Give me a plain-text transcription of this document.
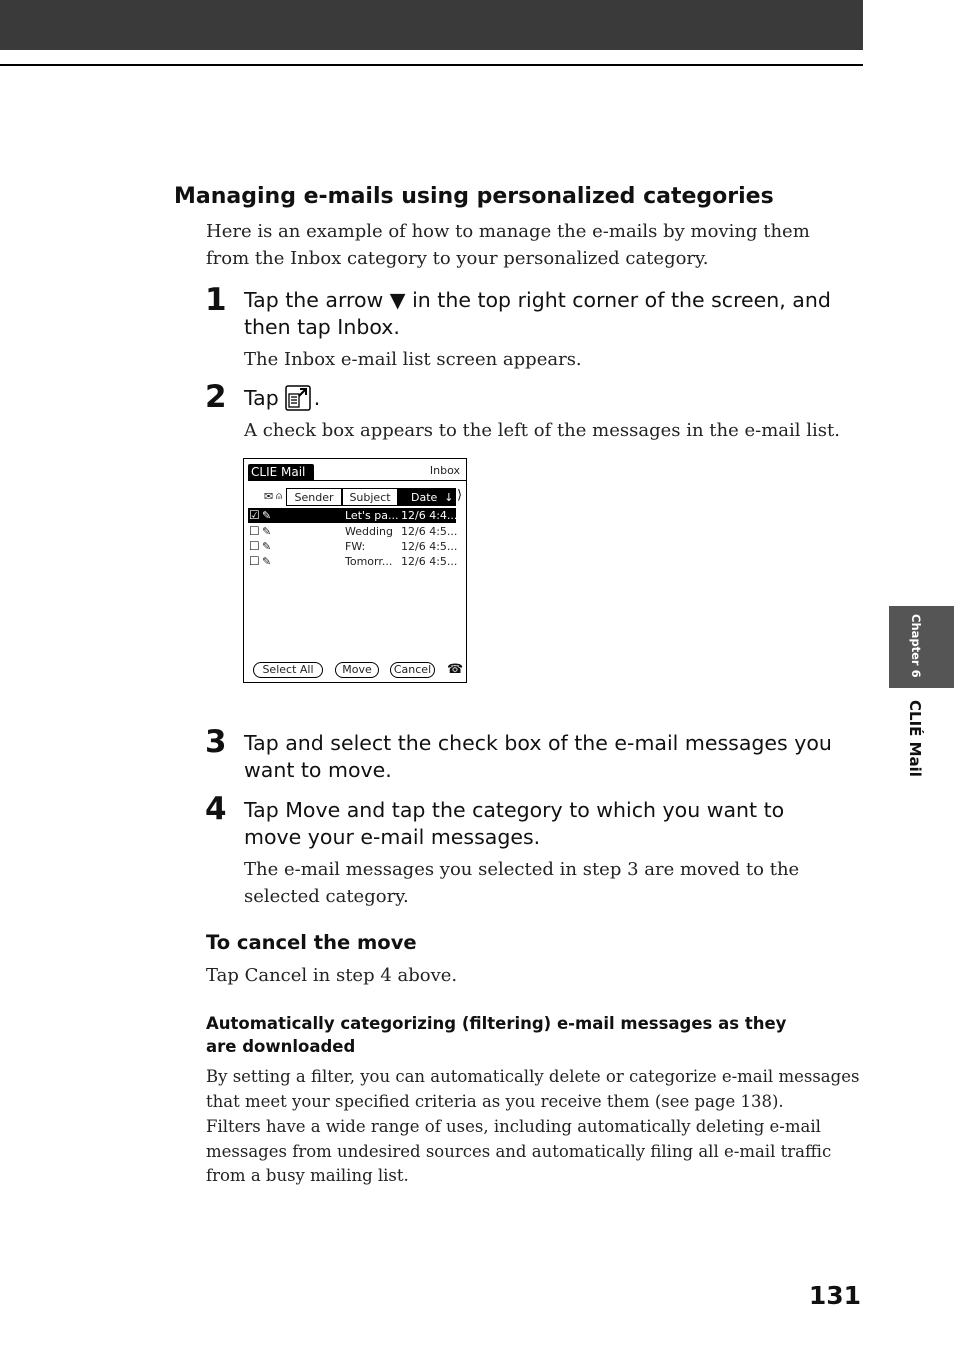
Managing e-mails using personalized categories
Here is an example of how to manage the e-mails by moving them from the Inbox category to your personalized category.
1 Tap the arrow ▼ in the top right corner of the screen, and then tap Inbox.
The Inbox e-mail list screen appears.
2 Tap .
A check box appears to the left of the messages in the e-mail list.
CLIE Mail	Inbox
✉ ⍝	Sender	Subject	Date  ↓ ⟩
☑ ✎	Let's pa... 12/6 4:4...
☐ ✎	Wedding 12/6 4:5...
☐ ✎	FW:	12/6 4:5...
☐ ✎	Tomorr... 12/6 4:5...
Select All	Move	Cancel ☎
3 Tap and select the check box of the e-mail messages you want to move.
4 Tap Move and tap the category to which you want to move your e-mail messages.
The e-mail messages you selected in step 3 are moved to the selected category.
To cancel the move
Tap Cancel in step 4 above.
Automatically categorizing (filtering) e-mail messages as they are downloaded
By setting a filter, you can automatically delete or categorize e-mail messages that meet your specified criteria as you receive them (see page 138).
Filters have a wide range of uses, including automatically deleting e-mail messages from undesired sources and automatically filing all e-mail traffic from a busy mailing list.
Chapter 6
CLIÉ Mail
131
